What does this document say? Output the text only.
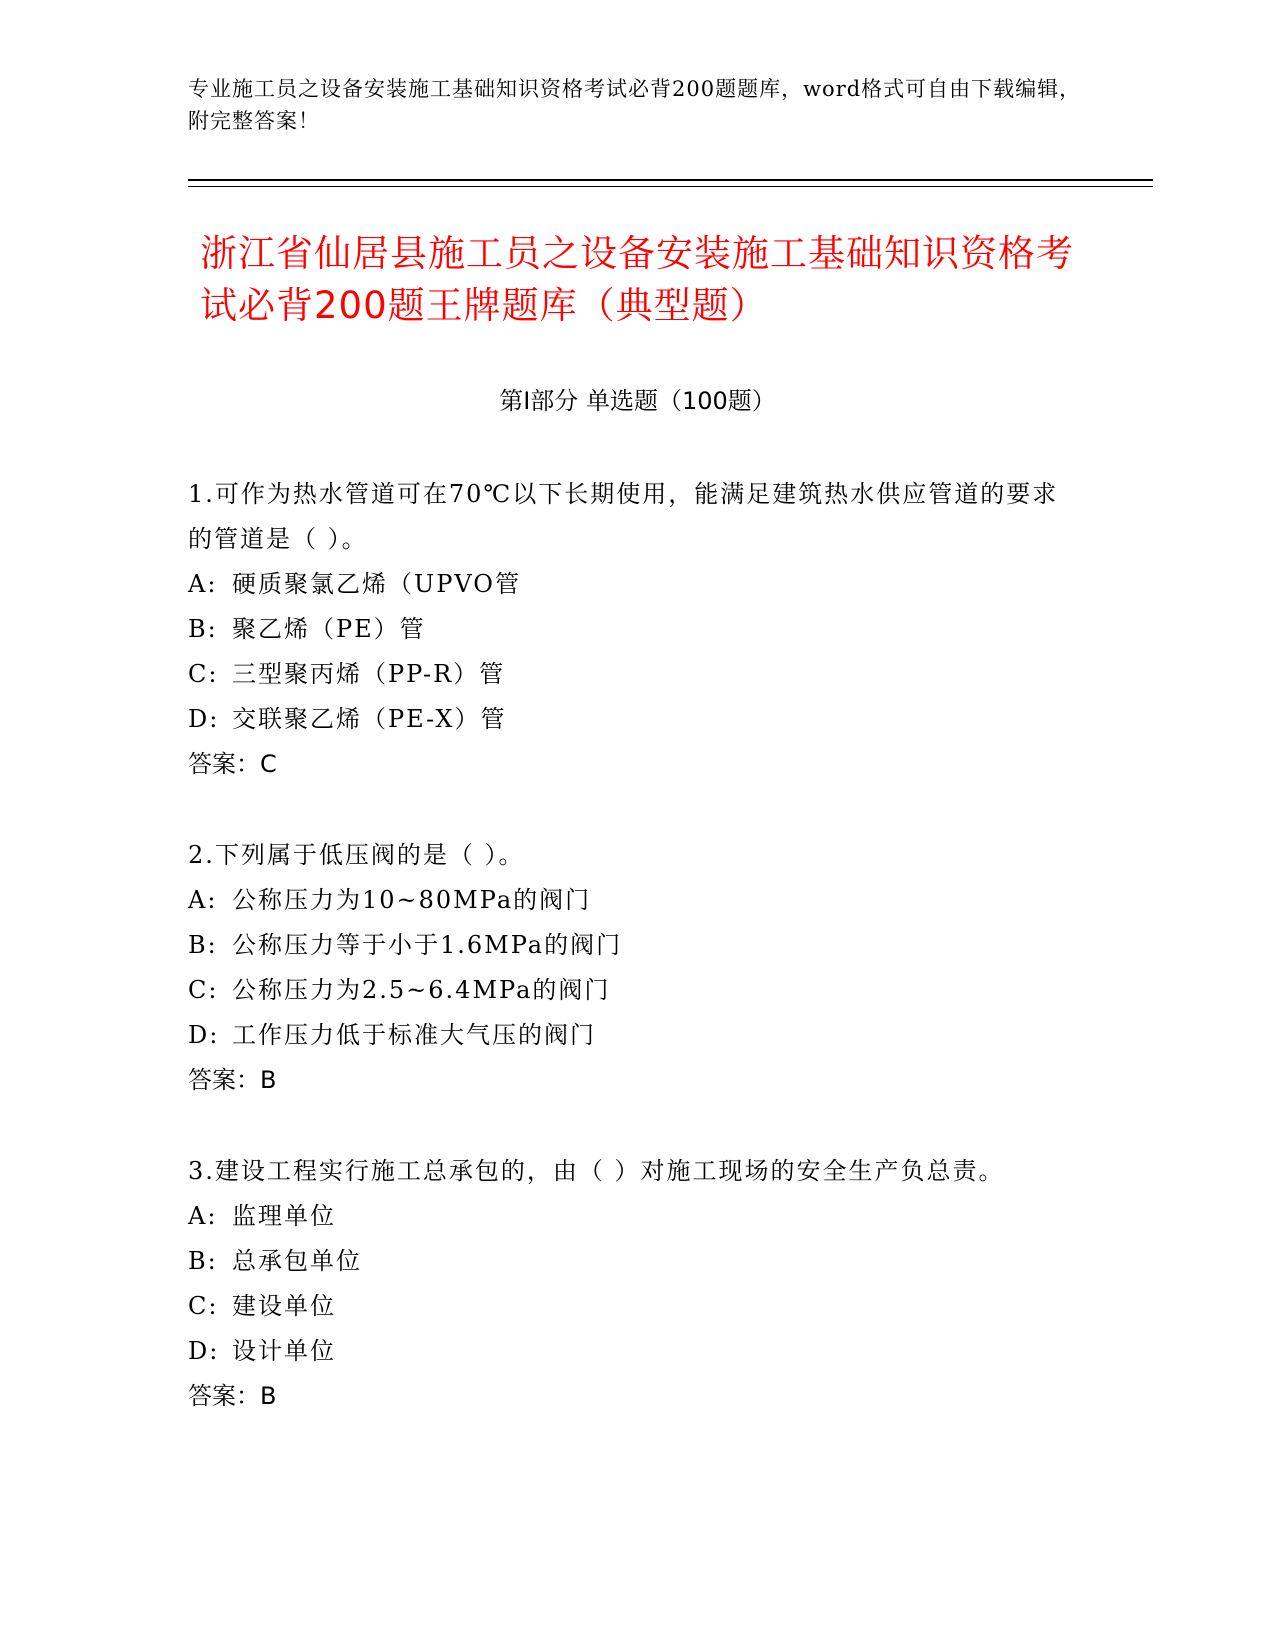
专业施工员之设备安装施工基础知识资格考试必背200题题库，word格式可自由下载编辑，附完整答案！
浙江省仙居县施工员之设备安装施工基础知识资格考试必背200题王牌题库（典型题）
第I部分 单选题（100题）

1.可作为热水管道可在70℃以下长期使用，能满足建筑热水供应管道的要求的管道是（ ）。

A: 硬质聚氯乙烯（UPVO管

B: 聚乙烯（PE）管

C: 三型聚丙烯（PP-R）管

D: 交联聚乙烯（PE-X）管

答案：C

2.下列属于低压阀的是（ ）。

A: 公称压力为10~80MPa的阀门

B: 公称压力等于小于1.6MPa的阀门

C: 公称压力为2.5~6.4MPa的阀门

D: 工作压力低于标准大气压的阀门

答案：B

3.建设工程实行施工总承包的，由（ ）对施工现场的安全生产负总责。

A: 监理单位

B: 总承包单位

C: 建设单位

D: 设计单位

答案：B
